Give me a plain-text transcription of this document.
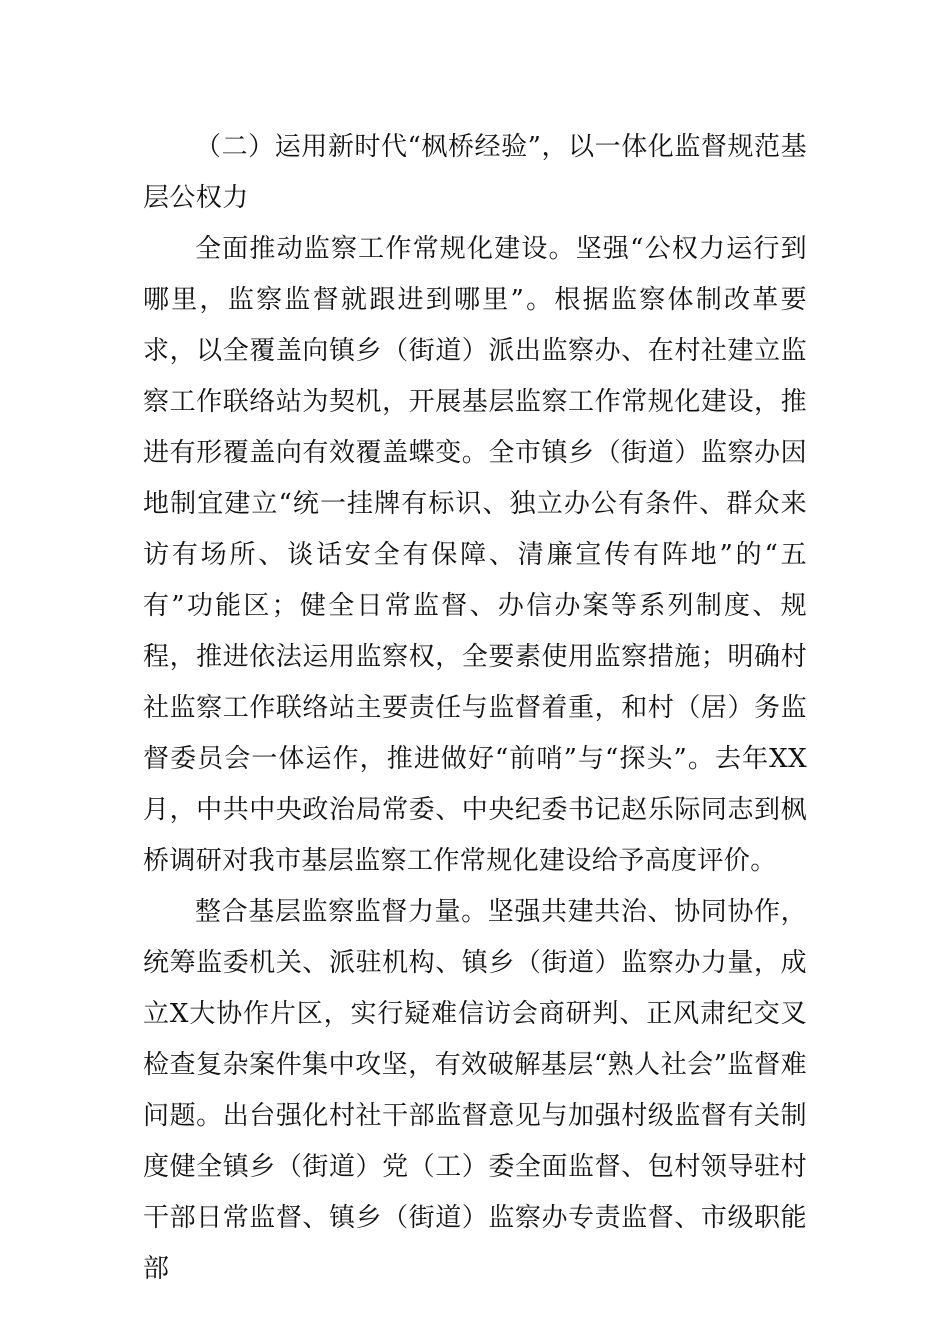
（二）运用新时代“枫桥经验”，以一体化监督规范基层公权力

全面推动监察工作常规化建设。坚强“公权力运行到哪里，监察监督就跟进到哪里”。根据监察体制改革要求，以全覆盖向镇乡（街道）派出监察办、在村社建立监察工作联络站为契机，开展基层监察工作常规化建设，推进有形覆盖向有效覆盖蝶变。全市镇乡（街道）监察办因地制宜建立“统一挂牌有标识、独立办公有条件、群众来访有场所、谈话安全有保障、清廉宣传有阵地”的“五有”功能区；健全日常监督、办信办案等系列制度、规程，推进依法运用监察权，全要素使用监察措施；明确村社监察工作联络站主要责任与监督着重，和村（居）务监督委员会一体运作，推进做好“前哨”与“探头”。去年XX月，中共中央政治局常委、中央纪委书记赵乐际同志到枫桥调研对我市基层监察工作常规化建设给予高度评价。

整合基层监察监督力量。坚强共建共治、协同协作，统筹监委机关、派驻机构、镇乡（街道）监察办力量，成立X大协作片区，实行疑难信访会商研判、正风肃纪交叉检查复杂案件集中攻坚，有效破解基层“熟人社会”监督难问题。出台强化村社干部监督意见与加强村级监督有关制度健全镇乡（街道）党（工）委全面监督、包村领导驻村干部日常监督、镇乡（街道）监察办专责监督、市级职能部
